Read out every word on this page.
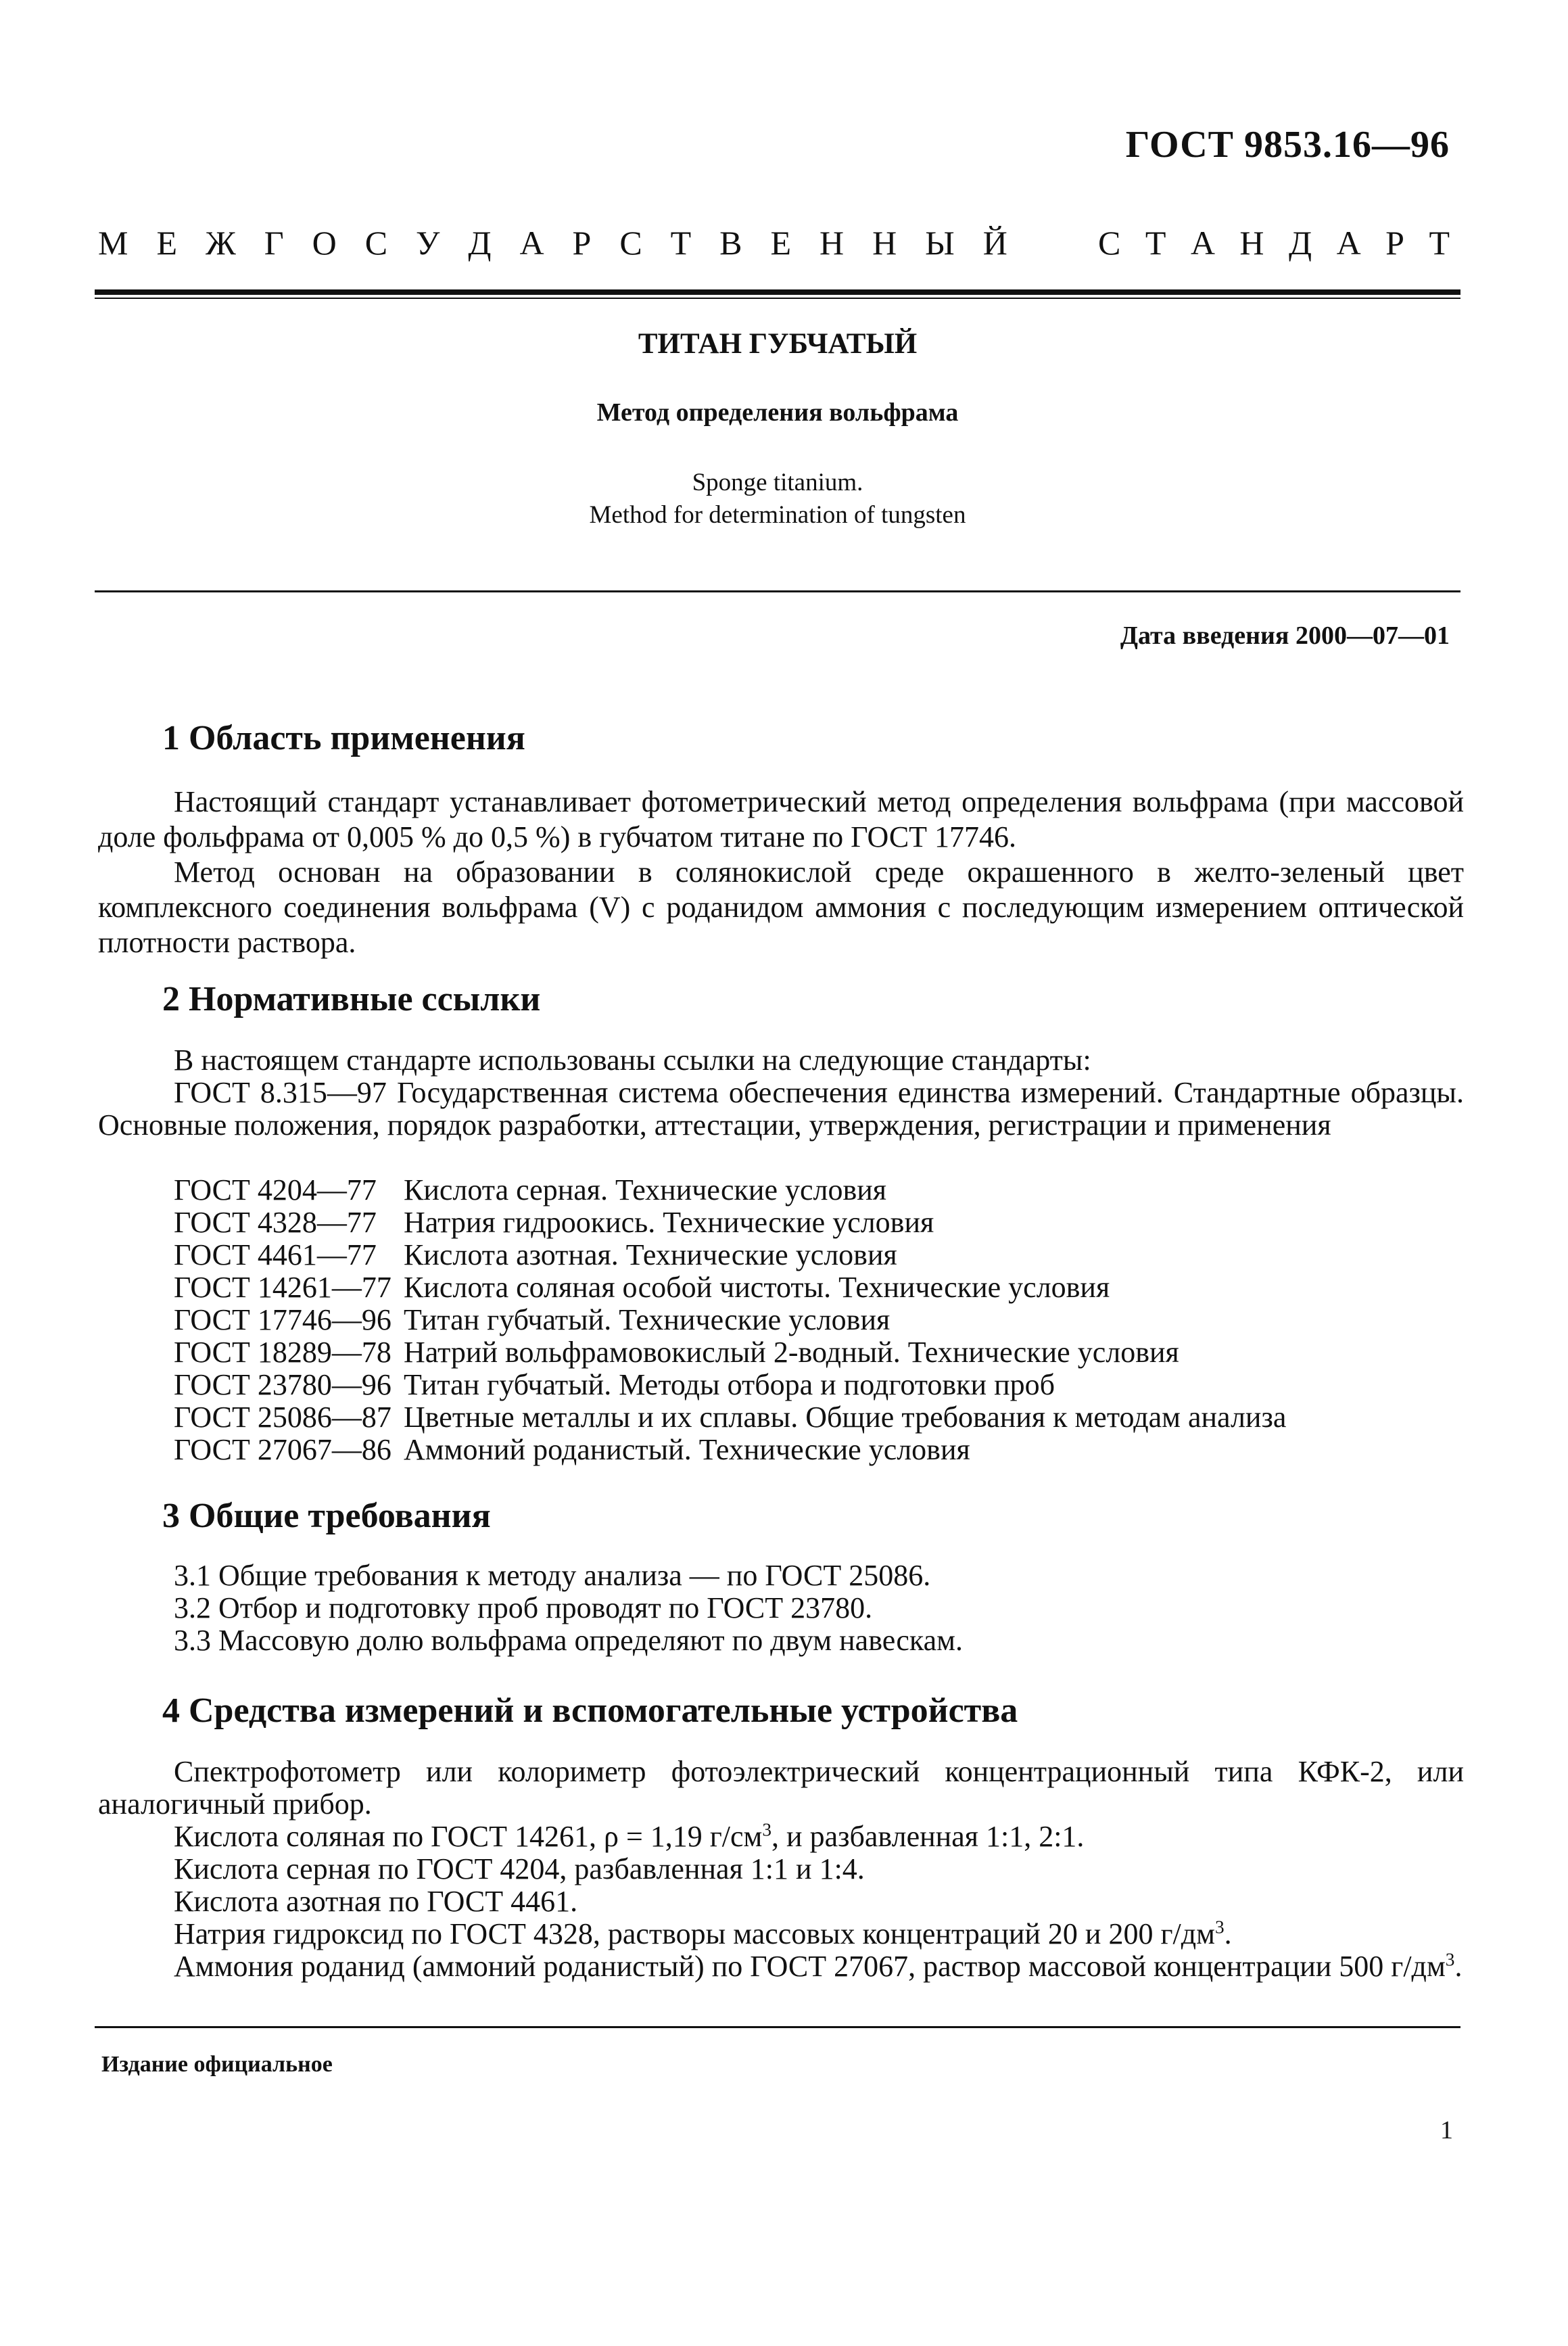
ГОСТ 9853.16—96
М Е Ж Г О С У Д А Р С Т В Е Н Н Ы Й	С Т А Н Д А Р Т
ТИТАН ГУБЧАТЫЙ
Метод определения вольфрама
Sponge titanium.
Method for determination of tungsten
Дата введения 2000—07—01
1 Область применения

Настоящий стандарт устанавливает фотометрический метод определения вольфрама (при массовой доле фольфрама от 0,005 % до 0,5 %) в губчатом титане по ГОСТ 17746.

Метод основан на образовании в солянокислой среде окрашенного в желто-зеленый цвет комплексного соединения вольфрама (V) с роданидом аммония с последующим измерением оптической плотности раствора.

2 Нормативные ссылки

В настоящем стандарте использованы ссылки на следующие стандарты:

ГОСТ 8.315—97 Государственная система обеспечения единства измерений. Стандартные образцы. Основные положения, порядок разработки, аттестации, утверждения, регистрации и применения

ГОСТ 4204—77 Кислота серная. Технические условия
ГОСТ 4328—77 Натрия гидроокись. Технические условия
ГОСТ 4461—77 Кислота азотная. Технические условия
ГОСТ 14261—77 Кислота соляная особой чистоты. Технические условия
ГОСТ 17746—96 Титан губчатый. Технические условия
ГОСТ 18289—78 Натрий вольфрамовокислый 2-водный. Технические условия
ГОСТ 23780—96 Титан губчатый. Методы отбора и подготовки проб
ГОСТ 25086—87 Цветные металлы и их сплавы. Общие требования к методам анализа
ГОСТ 27067—86 Аммоний роданистый. Технические условия
3 Общие требования
3.1 Общие требования к методу анализа — по ГОСТ 25086.
3.2 Отбор и подготовку проб проводят по ГОСТ 23780.
3.3 Массовую долю вольфрама определяют по двум навескам.
4 Средства измерений и вспомогательные устройства

Спектрофотометр или колориметр фотоэлектрический концентрационный типа КФК-2, или аналогичный прибор.

Кислота соляная по ГОСТ 14261, ρ = 1,19 $г/см^3$, и разбавленная 1:1, 2:1.

Кислота серная по ГОСТ 4204, разбавленная 1:1 и 1:4.

Кислота азотная по ГОСТ 4461.

Натрия гидроксид по ГОСТ 4328, растворы массовых концентраций 20 и 200 $г/дм^3$.

Аммония роданид (аммоний роданистый) по ГОСТ 27067, раствор массовой концентрации 500 $г/дм^3$.

Издание официальное
1
